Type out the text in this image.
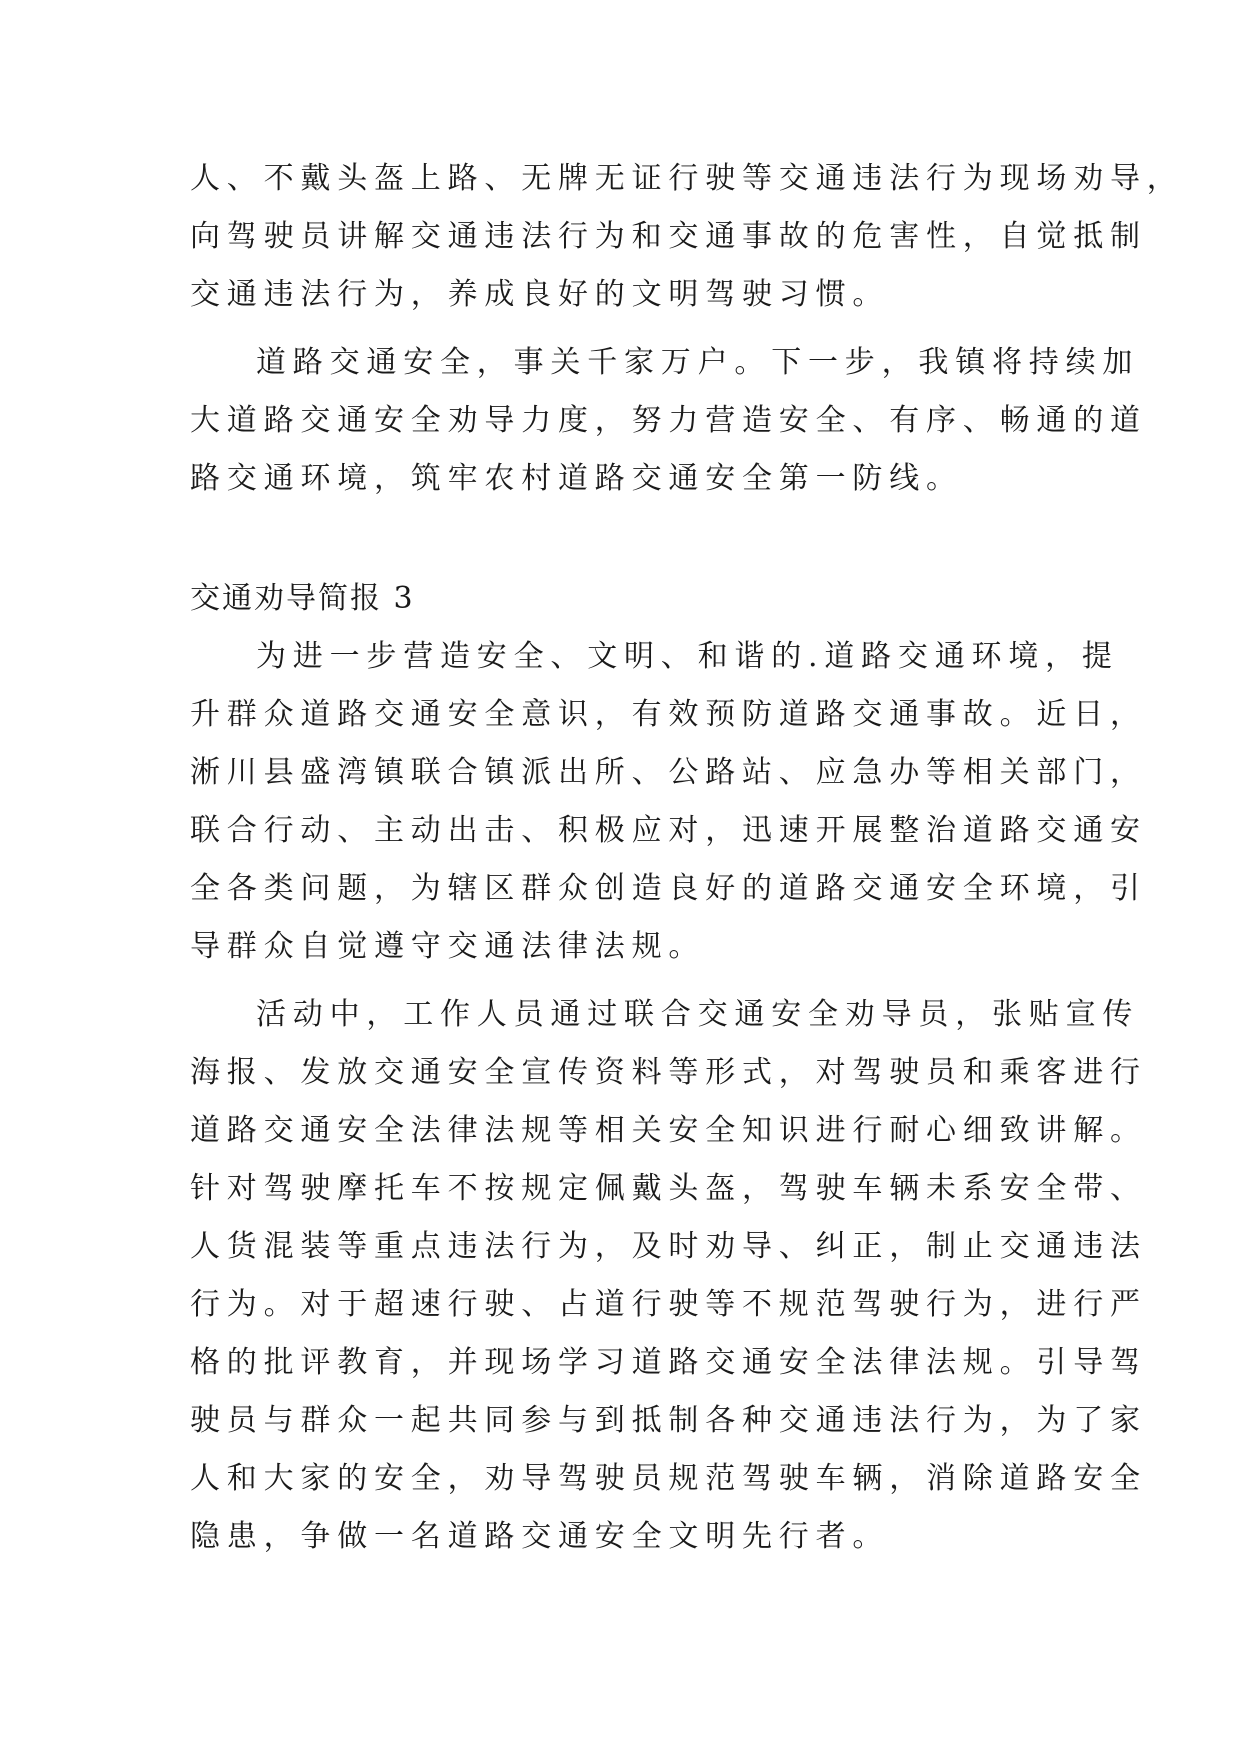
人、不戴头盔上路、无牌无证行驶等交通违法行为现场劝导，
向驾驶员讲解交通违法行为和交通事故的危害性，自觉抵制
交通违法行为，养成良好的文明驾驶习惯。
道路交通安全，事关千家万户。下一步，我镇将持续加
大道路交通安全劝导力度，努力营造安全、有序、畅通的道
路交通环境，筑牢农村道路交通安全第一防线。
交通劝导简报 3
为进一步营造安全、文明、和谐的.道路交通环境，提
升群众道路交通安全意识，有效预防道路交通事故。近日，
淅川县盛湾镇联合镇派出所、公路站、应急办等相关部门，
联合行动、主动出击、积极应对，迅速开展整治道路交通安
全各类问题，为辖区群众创造良好的道路交通安全环境，引
导群众自觉遵守交通法律法规。
活动中，工作人员通过联合交通安全劝导员，张贴宣传
海报、发放交通安全宣传资料等形式，对驾驶员和乘客进行
道路交通安全法律法规等相关安全知识进行耐心细致讲解。
针对驾驶摩托车不按规定佩戴头盔，驾驶车辆未系安全带、
人货混装等重点违法行为，及时劝导、纠正，制止交通违法
行为。对于超速行驶、占道行驶等不规范驾驶行为，进行严
格的批评教育，并现场学习道路交通安全法律法规。引导驾
驶员与群众一起共同参与到抵制各种交通违法行为，为了家
人和大家的安全，劝导驾驶员规范驾驶车辆，消除道路安全
隐患，争做一名道路交通安全文明先行者。
